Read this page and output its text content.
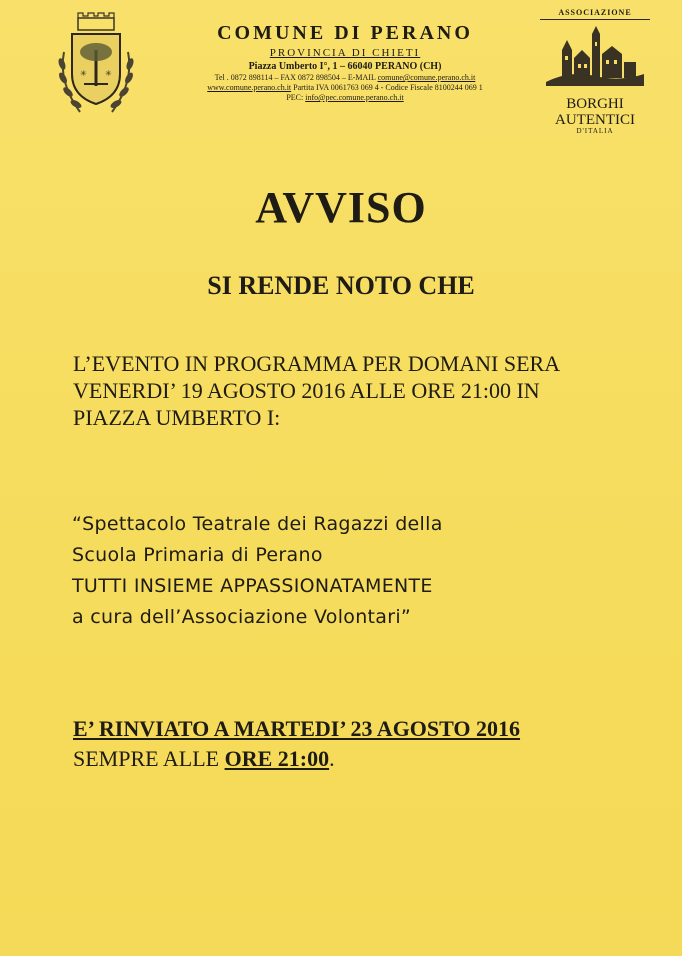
✳ ✳
COMUNE DI PERANO
PROVINCIA DI CHIETI
Piazza Umberto I°, 1 – 66040 PERANO (CH)
Tel . 0872 898114 – FAX 0872 898504 – E-MAIL comune@comune.perano.ch.it
www.comune.perano.ch.it Partita IVA 0061763 069 4 - Codice Fiscale 8100244 069 1
PEC: info@pec.comune.perano.ch.it
ASSOCIAZIONE
BORGHI
AUTENTICI
D'ITALIA
AVVISO
SI RENDE NOTO CHE
L’EVENTO IN PROGRAMMA PER DOMANI SERA
VENERDI’ 19 AGOSTO 2016 ALLE ORE 21:00 IN
PIAZZA UMBERTO I:
“Spettacolo Teatrale dei Ragazzi della
Scuola Primaria di Perano
TUTTI INSIEME APPASSIONATAMENTE
a cura dell’Associazione Volontari”
E’ RINVIATO A MARTEDI’ 23 AGOSTO 2016
SEMPRE ALLE ORE 21:00.
